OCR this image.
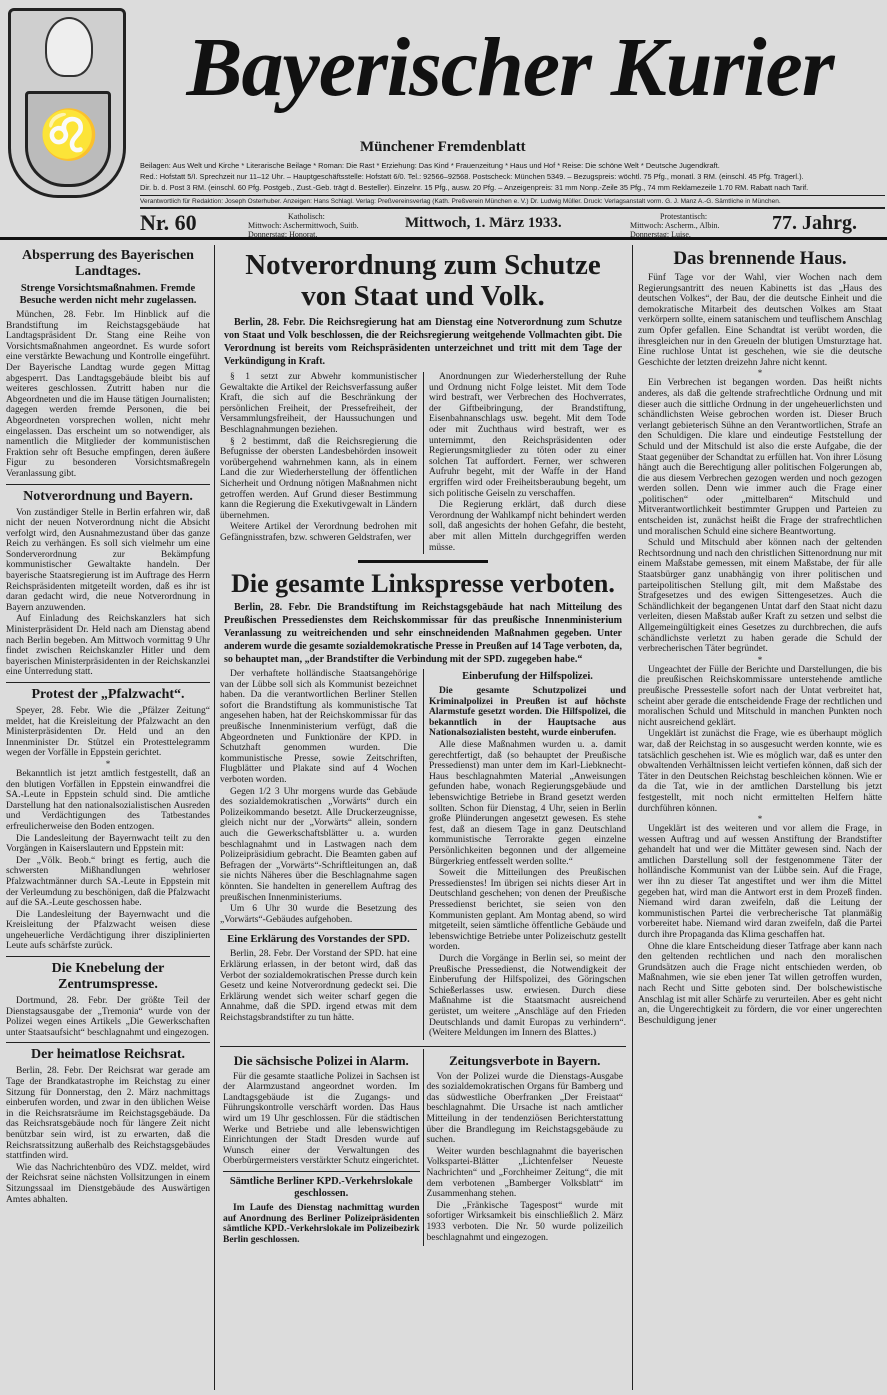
♌
Bayerischer Kurier
Münchener Fremdenblatt
Beilagen: Aus Welt und Kirche * Literarische Beilage * Roman: Die Rast * Erziehung: Das Kind * Frauenzeitung * Haus und Hof * Reise: Die schöne Welt * Deutsche Jugendkraft.
Red.: Hofstatt 5/I. Sprechzeit nur 11–12 Uhr. – Hauptgeschäftsstelle: Hofstatt 6/0. Tel.: 92566–92568. Postscheck: München 5349. – Bezugspreis: wöchtl. 75 Pfg., monatl. 3 RM. (einschl. 45 Pfg. Trägerl.).
Dir. b. d. Post 3 RM. (einschl. 60 Pfg. Postgeb., Zust.-Geb. trägt d. Besteller). Einzelnr. 15 Pfg., ausw. 20 Pfg. – Anzeigenpreis: 31 mm Nonp.-Zeile 35 Pfg., 74 mm Reklamezeile 1.70 RM. Rabatt nach Tarif.
Verantwortlich für Redaktion: Joseph Osterhuber. Anzeigen: Hans Schlagl. Verlag: Preßvereinsverlag (Kath. Preßverein München e. V.) Dr. Ludwig Müller. Druck: Verlagsanstalt vorm. G. J. Manz A.-G. Sämtliche in München.
Nr. 60	Katholisch:
Mittwoch: Aschermittwoch, Suitb.
Donnerstag: Honorat.
Mittwoch, 1. März 1933.	Protestantisch:
Mittwoch: Ascherm., Albin.
Donnerstag: Luise.
77. Jahrg.
Absperrung des Bayerischen Landtages.
Strenge Vorsichtsmaßnahmen. Fremde Besuche werden nicht mehr zugelassen.

München, 28. Febr. Im Hinblick auf die Brandstiftung im Reichstagsgebäude hat Landtagspräsident Dr. Stang eine Reihe von Vorsichtsmaßnahmen angeordnet. Es wurde sofort eine verstärkte Bewachung und Kontrolle eingeführt. Der Bayerische Landtag wurde gegen Mittag abgesperrt. Das Landtagsgebäude bleibt bis auf weiteres geschlossen. Zutritt haben nur die Abgeordneten und die im Hause tätigen Journalisten; dagegen werden fremde Personen, die bei Abgeordneten vorsprechen wollen, nicht mehr eingelassen. Das erscheint um so notwendiger, als namentlich die Mitglieder der kommunistischen Fraktion sehr oft Besuche empfingen, deren äußere Figur zu besonderen Vorsichtsmaßregeln Veranlassung gibt.

Notverordnung und Bayern.

Von zuständiger Stelle in Berlin erfahren wir, daß nicht der neuen Notverordnung nicht die Absicht verfolgt wird, den Ausnahmezustand über das ganze Reich zu verhängen. Es soll sich vielmehr um eine Sonderverordnung zur Bekämpfung kommunistischer Gewaltakte handeln. Der bayerische Staatsregierung ist im Auftrage des Herrn Reichspräsidenten mitgeteilt worden, daß es ihr ist daran gedacht wird, die neue Notverordnung in Bayern anzuwenden.

Auf Einladung des Reichskanzlers hat sich Ministerpräsident Dr. Held nach am Dienstag abend nach Berlin begeben. Am Mittwoch vormittag 9 Uhr findet zwischen Reichskanzler Hitler und dem bayerischen Ministerpräsidenten in der Reichskanzlei eine Unterredung statt.

Protest der „Pfalzwacht“.

Speyer, 28. Febr. Wie die „Pfälzer Zeitung“ meldet, hat die Kreisleitung der Pfalzwacht an den Ministerpräsidenten Dr. Held und an den Innenminister Dr. Stützel ein Protesttelegramm wegen der Vorfälle in Eppstein gerichtet.

*

Bekanntlich ist jetzt amtlich festgestellt, daß an den blutigen Vorfällen in Eppstein einwandfrei die SA.-Leute in Eppstein schuld sind. Die amtliche Darstellung hat den nationalsozialistischen Ausreden und Verdächtigungen des Tatbestandes erfreulicherweise den Boden entzogen.

Die Landesleitung der Bayernwacht teilt zu den Vorgängen in Kaiserslautern und Eppstein mit:

Der „Völk. Beob.“ bringt es fertig, auch die schwersten Mißhandlungen wehrloser Pfalzwachtmänner durch SA.-Leute in Eppstein mit der Verleumdung zu beschönigen, daß die Pfalzwacht auf die SA.-Leute geschossen habe.

Die Landesleitung der Bayernwacht und die Kreisleitung der Pfalzwacht weisen diese ungeheuerliche Verdächtigung ihrer disziplinierten Leute aufs schärfste zurück.

Die Knebelung der Zentrumspresse.

Dortmund, 28. Febr. Der größte Teil der Dienstagsausgabe der „Tremonia“ wurde von der Polizei wegen eines Artikels „Die Gewerkschaften unter Staatsaufsicht“ beschlagnahmt und eingezogen.

Der heimatlose Reichsrat.

Berlin, 28. Febr. Der Reichsrat war gerade am Tage der Brandkatastrophe im Reichstag zu einer Sitzung für Donnerstag, den 2. März nachmittags einberufen worden, und zwar in den üblichen Weise in die Reichsratsräume im Reichstagsgebäude. Da das Reichsratsgebäude noch für längere Zeit nicht benützbar sein wird, ist zu erwarten, daß die Reichsratssitzung außerhalb des Reichstagsgebäudes stattfinden wird.

Wie das Nachrichtenbüro des VDZ. meldet, wird der Reichsrat seine nächsten Vollsitzungen in einem Sitzungssaal im Dienstgebäude des Auswärtigen Amtes abhalten.

Notverordnung zum Schutze von Staat und Volk.

Berlin, 28. Febr. Die Reichsregierung hat am Dienstag eine Notverordnung zum Schutze von Staat und Volk beschlossen, die der Reichsregierung weitgehende Vollmachten gibt. Die Verordnung ist bereits vom Reichspräsidenten unterzeichnet und tritt mit dem Tage der Verkündigung in Kraft.

§ 1 setzt zur Abwehr kommunistischer Gewaltakte die Artikel der Reichsverfassung außer Kraft, die sich auf die Beschränkung der persönlichen Freiheit, der Pressefreiheit, der Versammlungsfreiheit, der Haussuchungen und Beschlagnahmungen beziehen.

§ 2 bestimmt, daß die Reichsregierung die Befugnisse der obersten Landesbehörden insoweit vorübergehend wahrnehmen kann, als in einem Land die zur Wiederherstellung der öffentlichen Sicherheit und Ordnung nötigen Maßnahmen nicht getroffen werden. Auf Grund dieser Bestimmung kann die Regierung die Exekutivgewalt in Ländern übernehmen.

Weitere Artikel der Verordnung bedrohen mit Gefängnisstrafen, bzw. schweren Geldstrafen, wer

Anordnungen zur Wiederherstellung der Ruhe und Ordnung nicht Folge leistet. Mit dem Tode wird bestraft, wer Verbrechen des Hochverrates, der Giftbeibringung, der Brandstiftung, Eisenbahnanschlags usw. begeht. Mit dem Tode oder mit Zuchthaus wird bestraft, wer es unternimmt, den Reichspräsidenten oder Regierungsmitglieder zu töten oder zu einer solchen Tat auffordert. Ferner, wer schweren Aufruhr begeht, mit der Waffe in der Hand ergriffen wird oder Freiheitsberaubung begeht, um sich politische Geiseln zu verschaffen.

Die Regierung erklärt, daß durch diese Verordnung der Wahlkampf nicht behindert werden soll, daß angesichts der hohen Gefahr, die besteht, aber mit allen Mitteln durchgegriffen werden müsse.

Die gesamte Linkspresse verboten.

Berlin, 28. Febr. Die Brandstiftung im Reichstagsgebäude hat nach Mitteilung des Preußischen Pressedienstes dem Reichskommissar für das preußische Innenministerium Veranlassung zu weitreichenden und sehr einschneidenden Maßnahmen gegeben. Unter anderem wurde die gesamte sozialdemokratische Presse in Preußen auf 14 Tage verboten, da, so behauptet man, „der Brandstifter die Verbindung mit der SPD. zugegeben habe.“

Der verhaftete holländische Staatsangehörige van der Lübbe soll sich als Kommunist bezeichnet haben. Da die verantwortlichen Berliner Stellen sofort die Brandstiftung als kommunistische Tat angesehen haben, hat der Reichskommissar für das preußische Innenministerium verfügt, daß die Abgeordneten und Funktionäre der KPD. in Schutzhaft genommen wurden. Die kommunistische Presse, sowie Zeitschriften, Flugblätter und Plakate sind auf 4 Wochen verboten worden.

Gegen 1/2 3 Uhr morgens wurde das Gebäude des sozialdemokratischen „Vorwärts“ durch ein Polizeikommando besetzt. Alle Druckerzeugnisse, gleich nicht nur der „Vorwärts“ allein, sondern auch die Gewerkschaftsblätter u. a. wurden beschlagnahmt und in Lastwagen nach dem Polizeipräsidium gebracht. Die Beamten gaben auf Befragen der „Vorwärts“-Schriftleitungen an, daß sie nichts Näheres über die Beschlagnahme sagen könnten. Sie handelten in generellem Auftrag des preußischen Innenministeriums.

Um 6 Uhr 30 wurde die Besetzung des „Vorwärts“-Gebäudes aufgehoben.

Eine Erklärung des Vorstandes der SPD.

Berlin, 28. Febr. Der Vorstand der SPD. hat eine Erklärung erlassen, in der betont wird, daß das Verbot der sozialdemokratischen Presse durch kein Gesetz und keine Notverordnung gedeckt sei. Die Erklärung wendet sich weiter scharf gegen die Annahme, daß die SPD. irgend etwas mit dem Reichstagsbrandstifter zu tun hätte.

Einberufung der Hilfspolizei.

Die gesamte Schutzpolizei und Kriminalpolizei in Preußen ist auf höchste Alarmstufe gesetzt worden. Die Hilfspolizei, die bekanntlich in der Hauptsache aus Nationalsozialisten besteht, wurde einberufen.

Alle diese Maßnahmen wurden u. a. damit gerechtfertigt, daß (so behauptet der Preußische Pressedienst) man unter dem im Karl-Liebknecht-Haus beschlagnahmten Material „Anweisungen gefunden habe, wonach Regierungsgebäude und lebenswichtige Betriebe in Brand gesetzt werden sollten. Schon für Dienstag, 4 Uhr, seien in Berlin große Plünderungen angesetzt gewesen. Es stehe fest, daß an diesem Tage in ganz Deutschland kommunistische Terrorakte gegen einzelne Persönlichkeiten begonnen und der allgemeine Bürgerkrieg entfesselt werden sollte.“

Soweit die Mitteilungen des Preußischen Pressedienstes! Im übrigen sei nichts dieser Art in Deutschland geschehen; von denen der Preußische Pressedienst berichtet, sie seien von den Kommunisten geplant. Am Montag abend, so wird mitgeteilt, seien sämtliche öffentliche Gebäude und lebenswichtige Betriebe unter Polizeischutz gestellt worden.

Durch die Vorgänge in Berlin sei, so meint der Preußische Pressedienst, die Notwendigkeit der Einberufung der Hilfspolizei, des Göringschen Schießerlasses usw. erwiesen. Durch diese Maßnahme ist die Staatsmacht ausreichend gerüstet, um weitere „Anschläge auf den Frieden Deutschlands und damit Europas zu verhindern“. (Weitere Meldungen im Innern des Blattes.)

Die sächsische Polizei in Alarm.

Für die gesamte staatliche Polizei in Sachsen ist der Alarmzustand angeordnet worden. Im Landtagsgebäude ist die Zugangs- und Führungskontrolle verschärft worden. Das Haus wird um 19 Uhr geschlossen. Für die städtischen Werke und Betriebe und alle lebenswichtigen Einrichtungen der Stadt Dresden wurde auf Wunsch einer der Verwaltungen des Oberbürgermeisters verstärkter Schutz eingerichtet.

Sämtliche Berliner KPD.-Verkehrslokale geschlossen.

Im Laufe des Dienstag nachmittag wurden auf Anordnung des Berliner Polizeipräsidenten sämtliche KPD.-Verkehrslokale im Polizeibezirk Berlin geschlossen.

Zeitungsverbote in Bayern.

Von der Polizei wurde die Dienstags-Ausgabe des sozialdemokratischen Organs für Bamberg und das südwestliche Oberfranken „Der Freistaat“ beschlagnahmt. Die Ursache ist nach amtlicher Mitteilung in der tendenziösen Berichterstattung über die Brandlegung im Reichstagsgebäude zu suchen.

Weiter wurden beschlagnahmt die bayerischen Volkspartei-Blätter „Lichtenfelser Neueste Nachrichten“ und „Forchheimer Zeitung“, die mit dem verbotenen „Bamberger Volksblatt“ im Zusammenhang stehen.

Die „Fränkische Tagespost“ wurde mit sofortiger Wirksamkeit bis einschließlich 2. März 1933 verboten. Die Nr. 50 wurde polizeilich beschlagnahmt und eingezogen.

Das brennende Haus.

Fünf Tage vor der Wahl, vier Wochen nach dem Regierungsantritt des neuen Kabinetts ist das „Haus des deutschen Volkes“, der Bau, der die deutsche Einheit und die demokratische Mitarbeit des deutschen Volkes am Staat verkörpern sollte, einem satanischem und teuflischem Anschlag zum Opfer gefallen. Eine Schandtat ist verübt worden, die ihresgleichen nur in den Greueln der blutigen Umsturztage hat. Eine ruchlose Untat ist geschehen, wie sie die deutsche Geschichte der letzten dreizehn Jahre nicht kennt.

*

Ein Verbrechen ist begangen worden. Das heißt nichts anderes, als daß die geltende strafrechtliche Ordnung und mit dieser auch die sittliche Ordnung in der ungeheuerlichsten und schändlichsten Weise gebrochen worden ist. Dieser Bruch verlangt gebieterisch Sühne an den Verantwortlichen, Strafe an den Schuldigen. Die klare und eindeutige Feststellung der Schuld und der Mitschuld ist also die erste Aufgabe, die der Staat gegenüber der Schandtat zu erfüllen hat. Von ihrer Lösung hängt auch die Berechtigung aller politischen Folgerungen ab, die aus diesem Verbrechen gezogen werden und noch gezogen werden sollen. Denn wie immer auch die Frage einer „politischen“ oder „mittelbaren“ Mitschuld und Mitverantwortlichkeit bestimmter Gruppen und Parteien zu entscheiden ist, zunächst heißt die Frage der strafrechtlichen und moralischen Schuld eine sichere Beantwortung.

Schuld und Mitschuld aber können nach der geltenden Rechtsordnung und nach den christlichen Sittenordnung nur mit einem Maßstabe gemessen, mit einem Maßstabe, der für alle Staatsbürger ganz unabhängig von ihrer politischen und parteipolitischen Stellung gilt, mit dem Maßstabe des Strafgesetzes und des ewigen Sittengesetzes. Auch die Schändlichkeit der begangenen Untat darf den Staat nicht dazu verleiten, diesen Maßstab außer Kraft zu setzen und selbst die Allgemeingültigkeit eines Gesetzes zu durchbrechen, die aufs schändlichste verletzt zu haben gerade die Schuld der verbrecherischen Täter begründet.

*

Ungeachtet der Fülle der Berichte und Darstellungen, die bis die preußischen Reichskommissare unterstehende amtliche preußische Pressestelle sofort nach der Untat verbreitet hat, scheint aber gerade die entscheidende Frage der rechtlichen und moralischen Schuld und Mitschuld in manchen Punkten noch nicht ausreichend geklärt.

Ungeklärt ist zunächst die Frage, wie es überhaupt möglich war, daß der Reichstag in so ausgesucht werden konnte, wie es tatsächlich geschehen ist. Wie es möglich war, daß es unter den obwaltenden Verhältnissen leicht vertiefen können, daß sich der Täter in den Deutschen Reichstag beschleichen können. Wie er da die Tat, wie in der amtlichen Darstellung bis jetzt festgestellt, mit noch nicht ermittelten Helfern hätte durchführen können.

*

Ungeklärt ist des weiteren und vor allem die Frage, in wessen Auftrag und auf wessen Anstiftung der Brandstifter gehandelt hat und wer die Mittäter gewesen sind. Nach der amtlichen Darstellung soll der festgenommene Täter der holländische Kommunist van der Lübbe sein. Auf die Frage, wer ihn zu dieser Tat angestiftet und wer ihm die Mittel gegeben hat, wird man die Antwort erst in dem Prozeß finden. Niemand wird daran zweifeln, daß die Leitung der kommunistischen Partei die verbrecherische Tat planmäßig vorbereitet habe. Niemand wird daran zweifeln, daß die Partei durch ihre Propaganda das Klima geschaffen hat.

Ohne die klare Entscheidung dieser Tatfrage aber kann nach den geltenden rechtlichen und nach den moralischen Grundsätzen auch die Frage nicht entschieden werden, ob Maßnahmen, wie sie eben jener Tat willen getroffen wurden, nach Recht und Sitte geboten sind. Der bolschewistische Anschlag ist mit aller Schärfe zu verurteilen. Aber es geht nicht an, die Ungerechtigkeit zu fördern, die vor einer ungerechten Beschuldigung jener
